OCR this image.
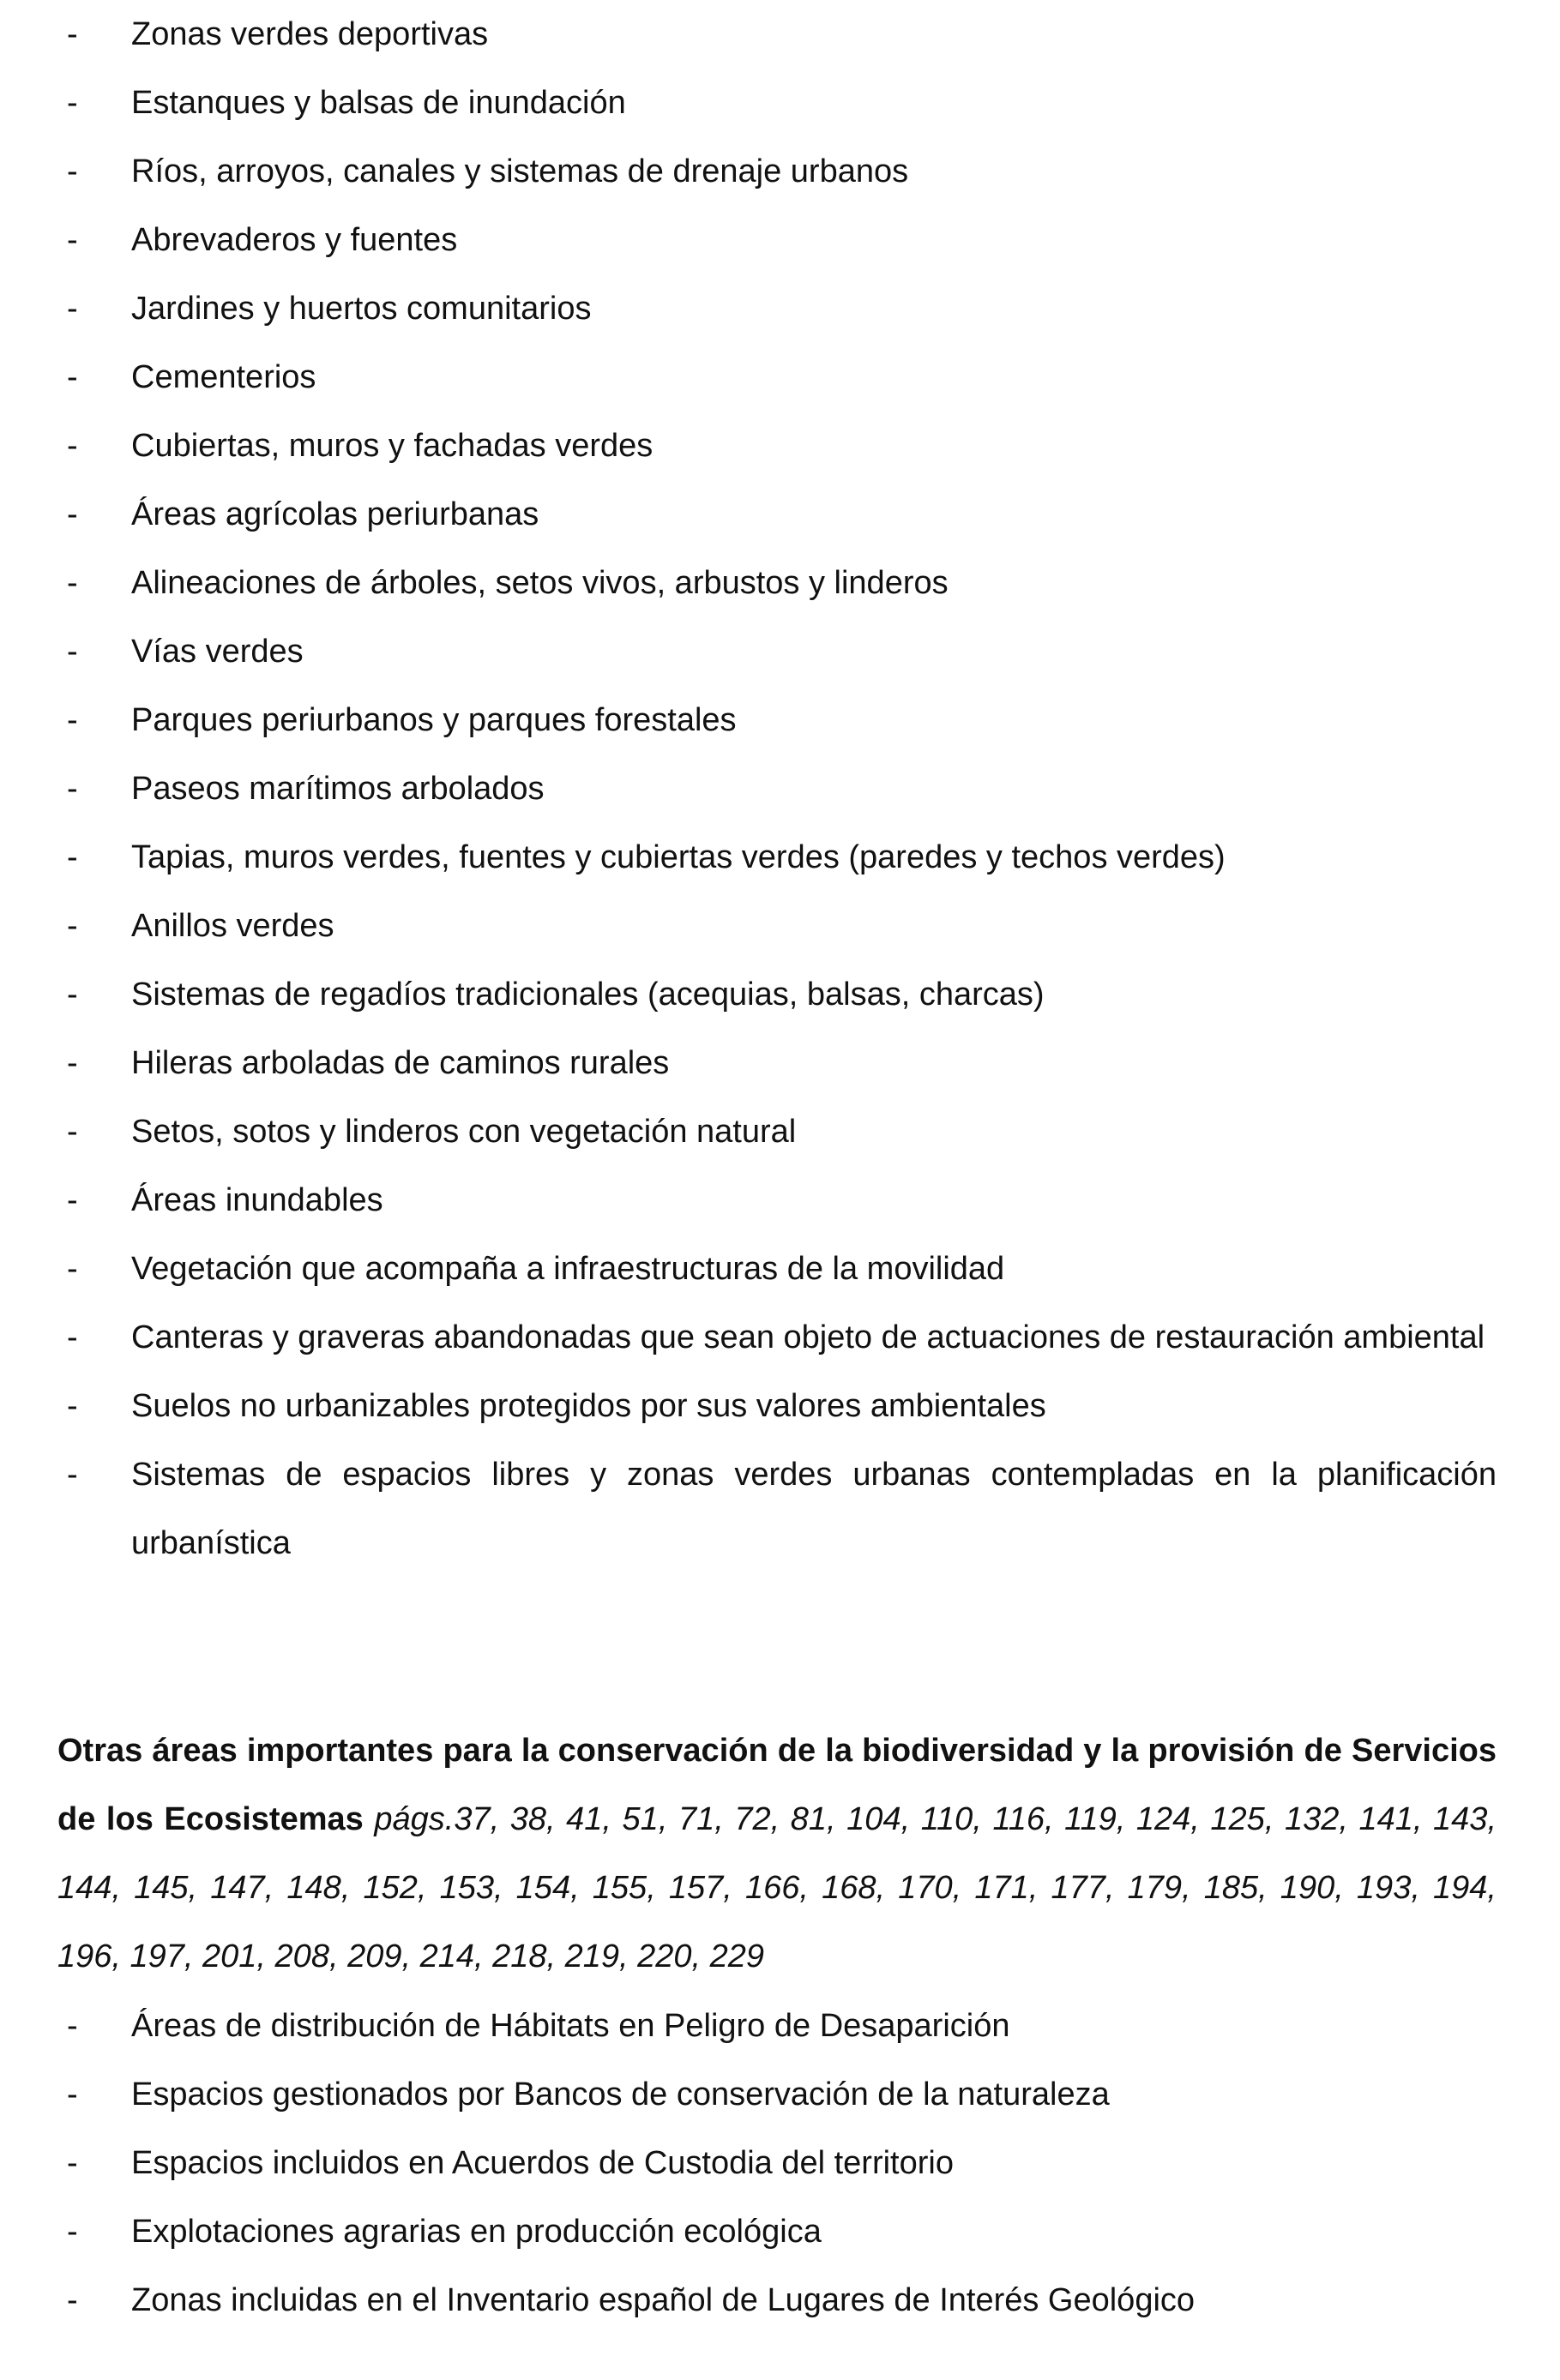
- Zonas verdes deportivas
- Estanques y balsas de inundación
- Ríos, arroyos, canales y sistemas de drenaje urbanos
- Abrevaderos y fuentes
- Jardines y huertos comunitarios
- Cementerios
- Cubiertas, muros y fachadas verdes
- Áreas agrícolas periurbanas
- Alineaciones de árboles, setos vivos, arbustos y linderos
- Vías verdes
- Parques periurbanos y parques forestales
- Paseos marítimos arbolados
- Tapias, muros verdes, fuentes y cubiertas verdes (paredes y techos verdes)
- Anillos verdes
- Sistemas de regadíos tradicionales (acequias, balsas, charcas)
- Hileras arboladas de caminos rurales
- Setos, sotos y linderos con vegetación natural
- Áreas inundables
- Vegetación que acompaña a infraestructuras de la movilidad
- Canteras y graveras abandonadas que sean objeto de actuaciones de restauración ambiental
- Suelos no urbanizables protegidos por sus valores ambientales
- Sistemas de espacios libres y zonas verdes urbanas contempladas en la planificación urbanística

Otras áreas importantes para la conservación de la biodiversidad y la provisión de Servicios de los Ecosistemas págs.37, 38, 41, 51, 71, 72, 81, 104, 110, 116, 119, 124, 125, 132, 141, 143, 144, 145, 147, 148, 152, 153, 154, 155, 157, 166, 168, 170, 171, 177, 179, 185, 190, 193, 194, 196, 197, 201, 208, 209, 214, 218, 219, 220, 229

- Áreas de distribución de Hábitats en Peligro de Desaparición
- Espacios gestionados por Bancos de conservación de la naturaleza
- Espacios incluidos en Acuerdos de Custodia del territorio
- Explotaciones agrarias en producción ecológica
- Zonas incluidas en el Inventario español de Lugares de Interés Geológico
